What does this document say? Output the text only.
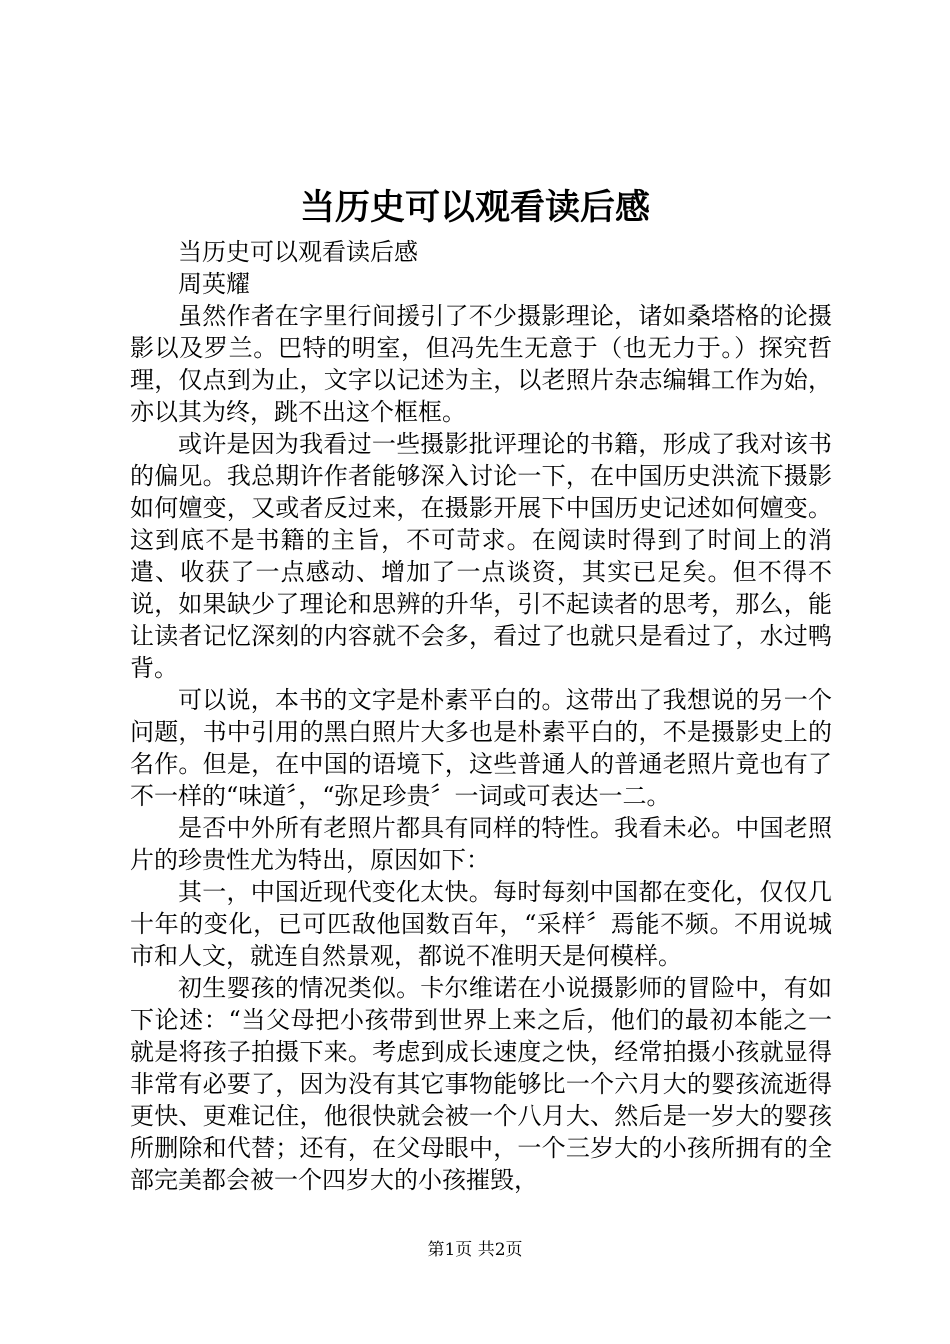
当历史可以观看读后感

当历史可以观看读后感

周英耀

虽然作者在字里行间援引了不少摄影理论，诸如桑塔格的论摄影以及罗兰。巴特的明室，但冯先生无意于（也无力于。）探究哲理，仅点到为止，文字以记述为主，以老照片杂志编辑工作为始，亦以其为终，跳不出这个框框。

或许是因为我看过一些摄影批评理论的书籍，形成了我对该书的偏见。我总期许作者能够深入讨论一下，在中国历史洪流下摄影如何嬗变，又或者反过来，在摄影开展下中国历史记述如何嬗变。这到底不是书籍的主旨，不可苛求。在阅读时得到了时间上的消遣、收获了一点感动、增加了一点谈资，其实已足矣。但不得不说，如果缺少了理论和思辨的升华，引不起读者的思考，那么，能让读者记忆深刻的内容就不会多，看过了也就只是看过了，水过鸭背。

可以说，本书的文字是朴素平白的。这带出了我想说的另一个问题，书中引用的黑白照片大多也是朴素平白的，不是摄影史上的名作。但是，在中国的语境下，这些普通人的普通老照片竟也有了不一样的“味道〞，“弥足珍贵〞一词或可表达一二。

是否中外所有老照片都具有同样的特性。我看未必。中国老照片的珍贵性尤为特出，原因如下：

其一，中国近现代变化太快。每时每刻中国都在变化，仅仅几十年的变化，已可匹敌他国数百年，“采样〞焉能不频。不用说城市和人文，就连自然景观，都说不准明天是何模样。

初生婴孩的情况类似。卡尔维诺在小说摄影师的冒险中，有如下论述：“当父母把小孩带到世界上来之后，他们的最初本能之一就是将孩子拍摄下来。考虑到成长速度之快，经常拍摄小孩就显得非常有必要了，因为没有其它事物能够比一个六月大的婴孩流逝得更快、更难记住，他很快就会被一个八月大、然后是一岁大的婴孩所删除和代替；还有，在父母眼中，一个三岁大的小孩所拥有的全部完美都会被一个四岁大的小孩摧毁，

第1页 共2页
